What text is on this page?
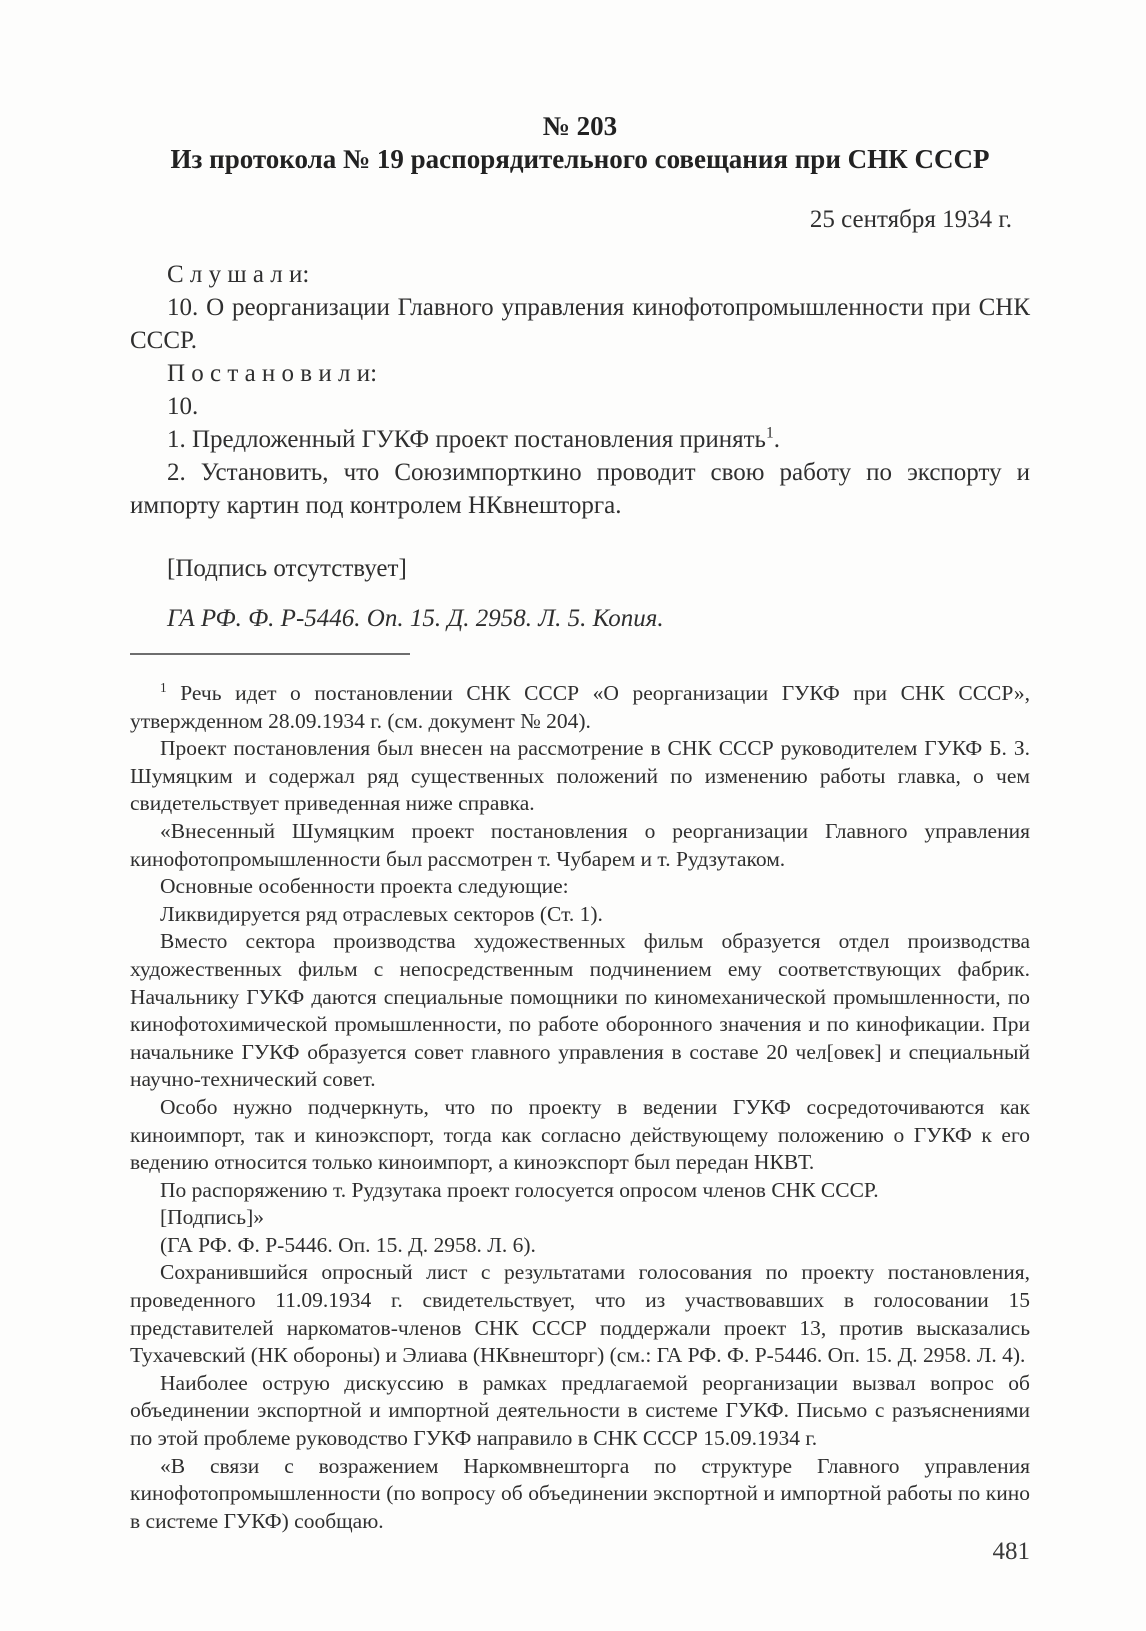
№ 203
Из протокола № 19 распорядительного совещания при СНК СССР
25 сентября 1934 г.

С л у ш а л и:

10. О реорганизации Главного управления кинофотопромышленности при СНК СССР.

П о с т а н о в и л и:

10.

1. Предложенный ГУКФ проект постановления принять$^1$.

2. Установить, что Союзимпорткино проводит свою работу по экспорту и импорту картин под контролем НКвнешторга.

[Подпись отсутствует]
ГА РФ. Ф. Р-5446. Оп. 15. Д. 2958. Л. 5. Копия.

$^1$ Речь идет о постановлении СНК СССР «О реорганизации ГУКФ при СНК СССР», утвержденном 28.09.1934 г. (см. документ № 204).

Проект постановления был внесен на рассмотрение в СНК СССР руководителем ГУКФ Б. З. Шумяцким и содержал ряд существенных положений по изменению работы главка, о чем свидетельствует приведенная ниже справка.

«Внесенный Шумяцким проект постановления о реорганизации Главного управления кинофотопромышленности был рассмотрен т. Чубарем и т. Рудзутаком.

Основные особенности проекта следующие:

Ликвидируется ряд отраслевых секторов (Ст. 1).

Вместо сектора производства художественных фильм образуется отдел производства художественных фильм с непосредственным подчинением ему соответствующих фабрик. Начальнику ГУКФ даются специальные помощники по киномеханической промышленности, по кинофотохимической промышленности, по работе оборонного значения и по кинофикации. При начальнике ГУКФ образуется совет главного управления в составе 20 чел[овек] и специальный научно-технический совет.

Особо нужно подчеркнуть, что по проекту в ведении ГУКФ сосредоточиваются как киноимпорт, так и киноэкспорт, тогда как согласно действующему положению о ГУКФ к его ведению относится только киноимпорт, а киноэкспорт был передан НКВТ.

По распоряжению т. Рудзутака проект голосуется опросом членов СНК СССР.

[Подпись]»

(ГА РФ. Ф. Р-5446. Оп. 15. Д. 2958. Л. 6).

Сохранившийся опросный лист с результатами голосования по проекту постановления, проведенного 11.09.1934 г. свидетельствует, что из участвовавших в голосовании 15 представителей наркоматов-членов СНК СССР поддержали проект 13, против высказались Тухачевский (НК обороны) и Элиава (НКвнешторг) (см.: ГА РФ. Ф. Р-5446. Оп. 15. Д. 2958. Л. 4).

Наиболее острую дискуссию в рамках предлагаемой реорганизации вызвал вопрос об объединении экспортной и импортной деятельности в системе ГУКФ. Письмо с разъяснениями по этой проблеме руководство ГУКФ направило в СНК СССР 15.09.1934 г.

«В связи с возражением Наркомвнешторга по структуре Главного управления кинофотопромышленности (по вопросу об объединении экспортной и импортной работы по кино в системе ГУКФ) сообщаю.

481
